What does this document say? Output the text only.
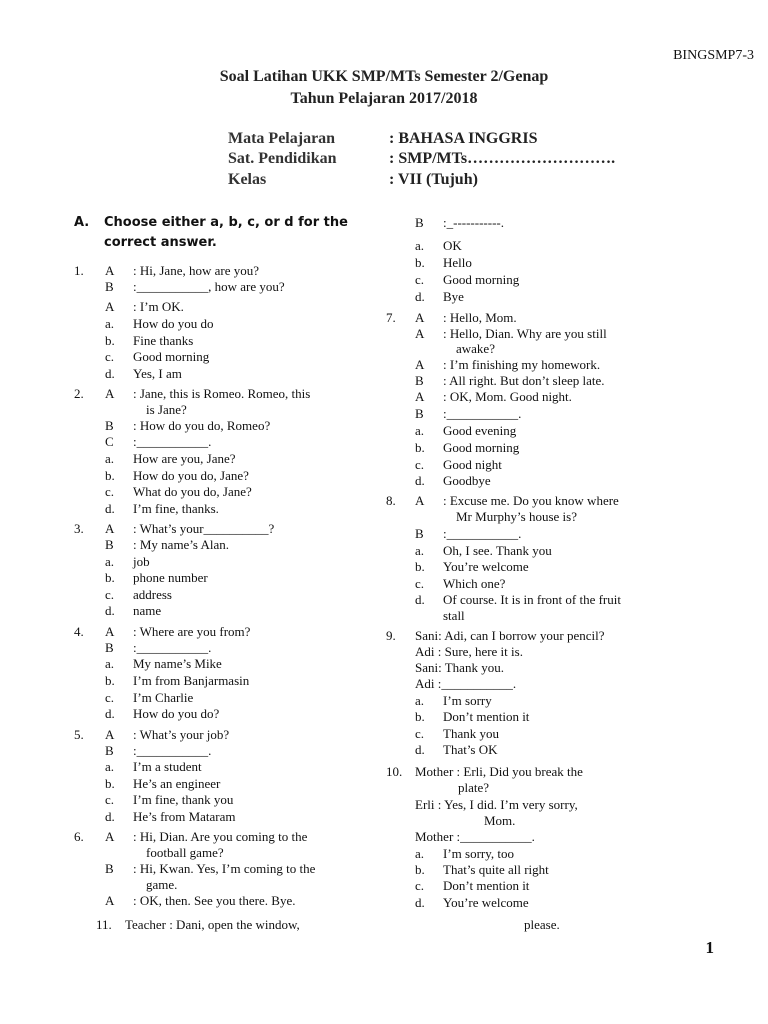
BINGSMP7-3
Soal Latihan UKK SMP/MTs Semester 2/Genap
Tahun Pelajaran 2017/2018
Mata Pelajaran	: BAHASA INGGRIS
Sat. Pendidikan	: SMP/MTs……………………….
Kelas	: VII (Tujuh)
A. Choose either a, b, c, or d for the correct answer.
1. A : Hi, Jane, how are you?
B :___________, how are you?
A : I’m OK.
a. How do you do
b. Fine thanks
c. Good morning
d. Yes, I am
2. A : Jane, this is Romeo. Romeo, this
is Jane?
B : How do you do, Romeo?
C :___________.
a. How are you, Jane?
b. How do you do, Jane?
c. What do you do, Jane?
d. I’m fine, thanks.
3. A : What’s your__________?
B : My name’s Alan.
a. job
b. phone number
c. address
d. name
4. A : Where are you from?
B :___________.
a. My name’s Mike
b. I’m from Banjarmasin
c. I’m Charlie
d. How do you do?
5. A : What’s your job?
B :___________.
a. I’m a student
b. He’s an engineer
c. I’m fine, thank you
d. He’s from Mataram
6. A : Hi, Dian. Are you coming to the
football game?
B : Hi, Kwan. Yes, I’m coming to the
game.
A : OK, then. See you there. Bye.
B :_-----------.
a. OK
b. Hello
c. Good morning
d. Bye
7. A : Hello, Mom.
A : Hello, Dian. Why are you still
awake?
A : I’m finishing my homework.
B : All right. But don’t sleep late.
A : OK, Mom. Good night.
B :___________.
a. Good evening
b. Good morning
c. Good night
d. Goodbye
8. A : Excuse me. Do you know where
Mr Murphy’s house is?
B :___________.
a. Oh, I see. Thank you
b. You’re welcome
c. Which one?
d. Of course. It is in front of the fruit
stall
9. Sani: Adi, can I borrow your pencil?
Adi : Sure, here it is.
Sani: Thank you.
Adi :___________.
a. I’m sorry
b. Don’t mention it
c. Thank you
d. That’s OK
10. Mother : Erli, Did you break the
plate?
Erli : Yes, I did. I’m very sorry,
Mom.
Mother :___________.
a. I’m sorry, too
b. That’s quite all right
c. Don’t mention it
d. You’re welcome
11. Teacher : Dani, open the window,	please.
1
